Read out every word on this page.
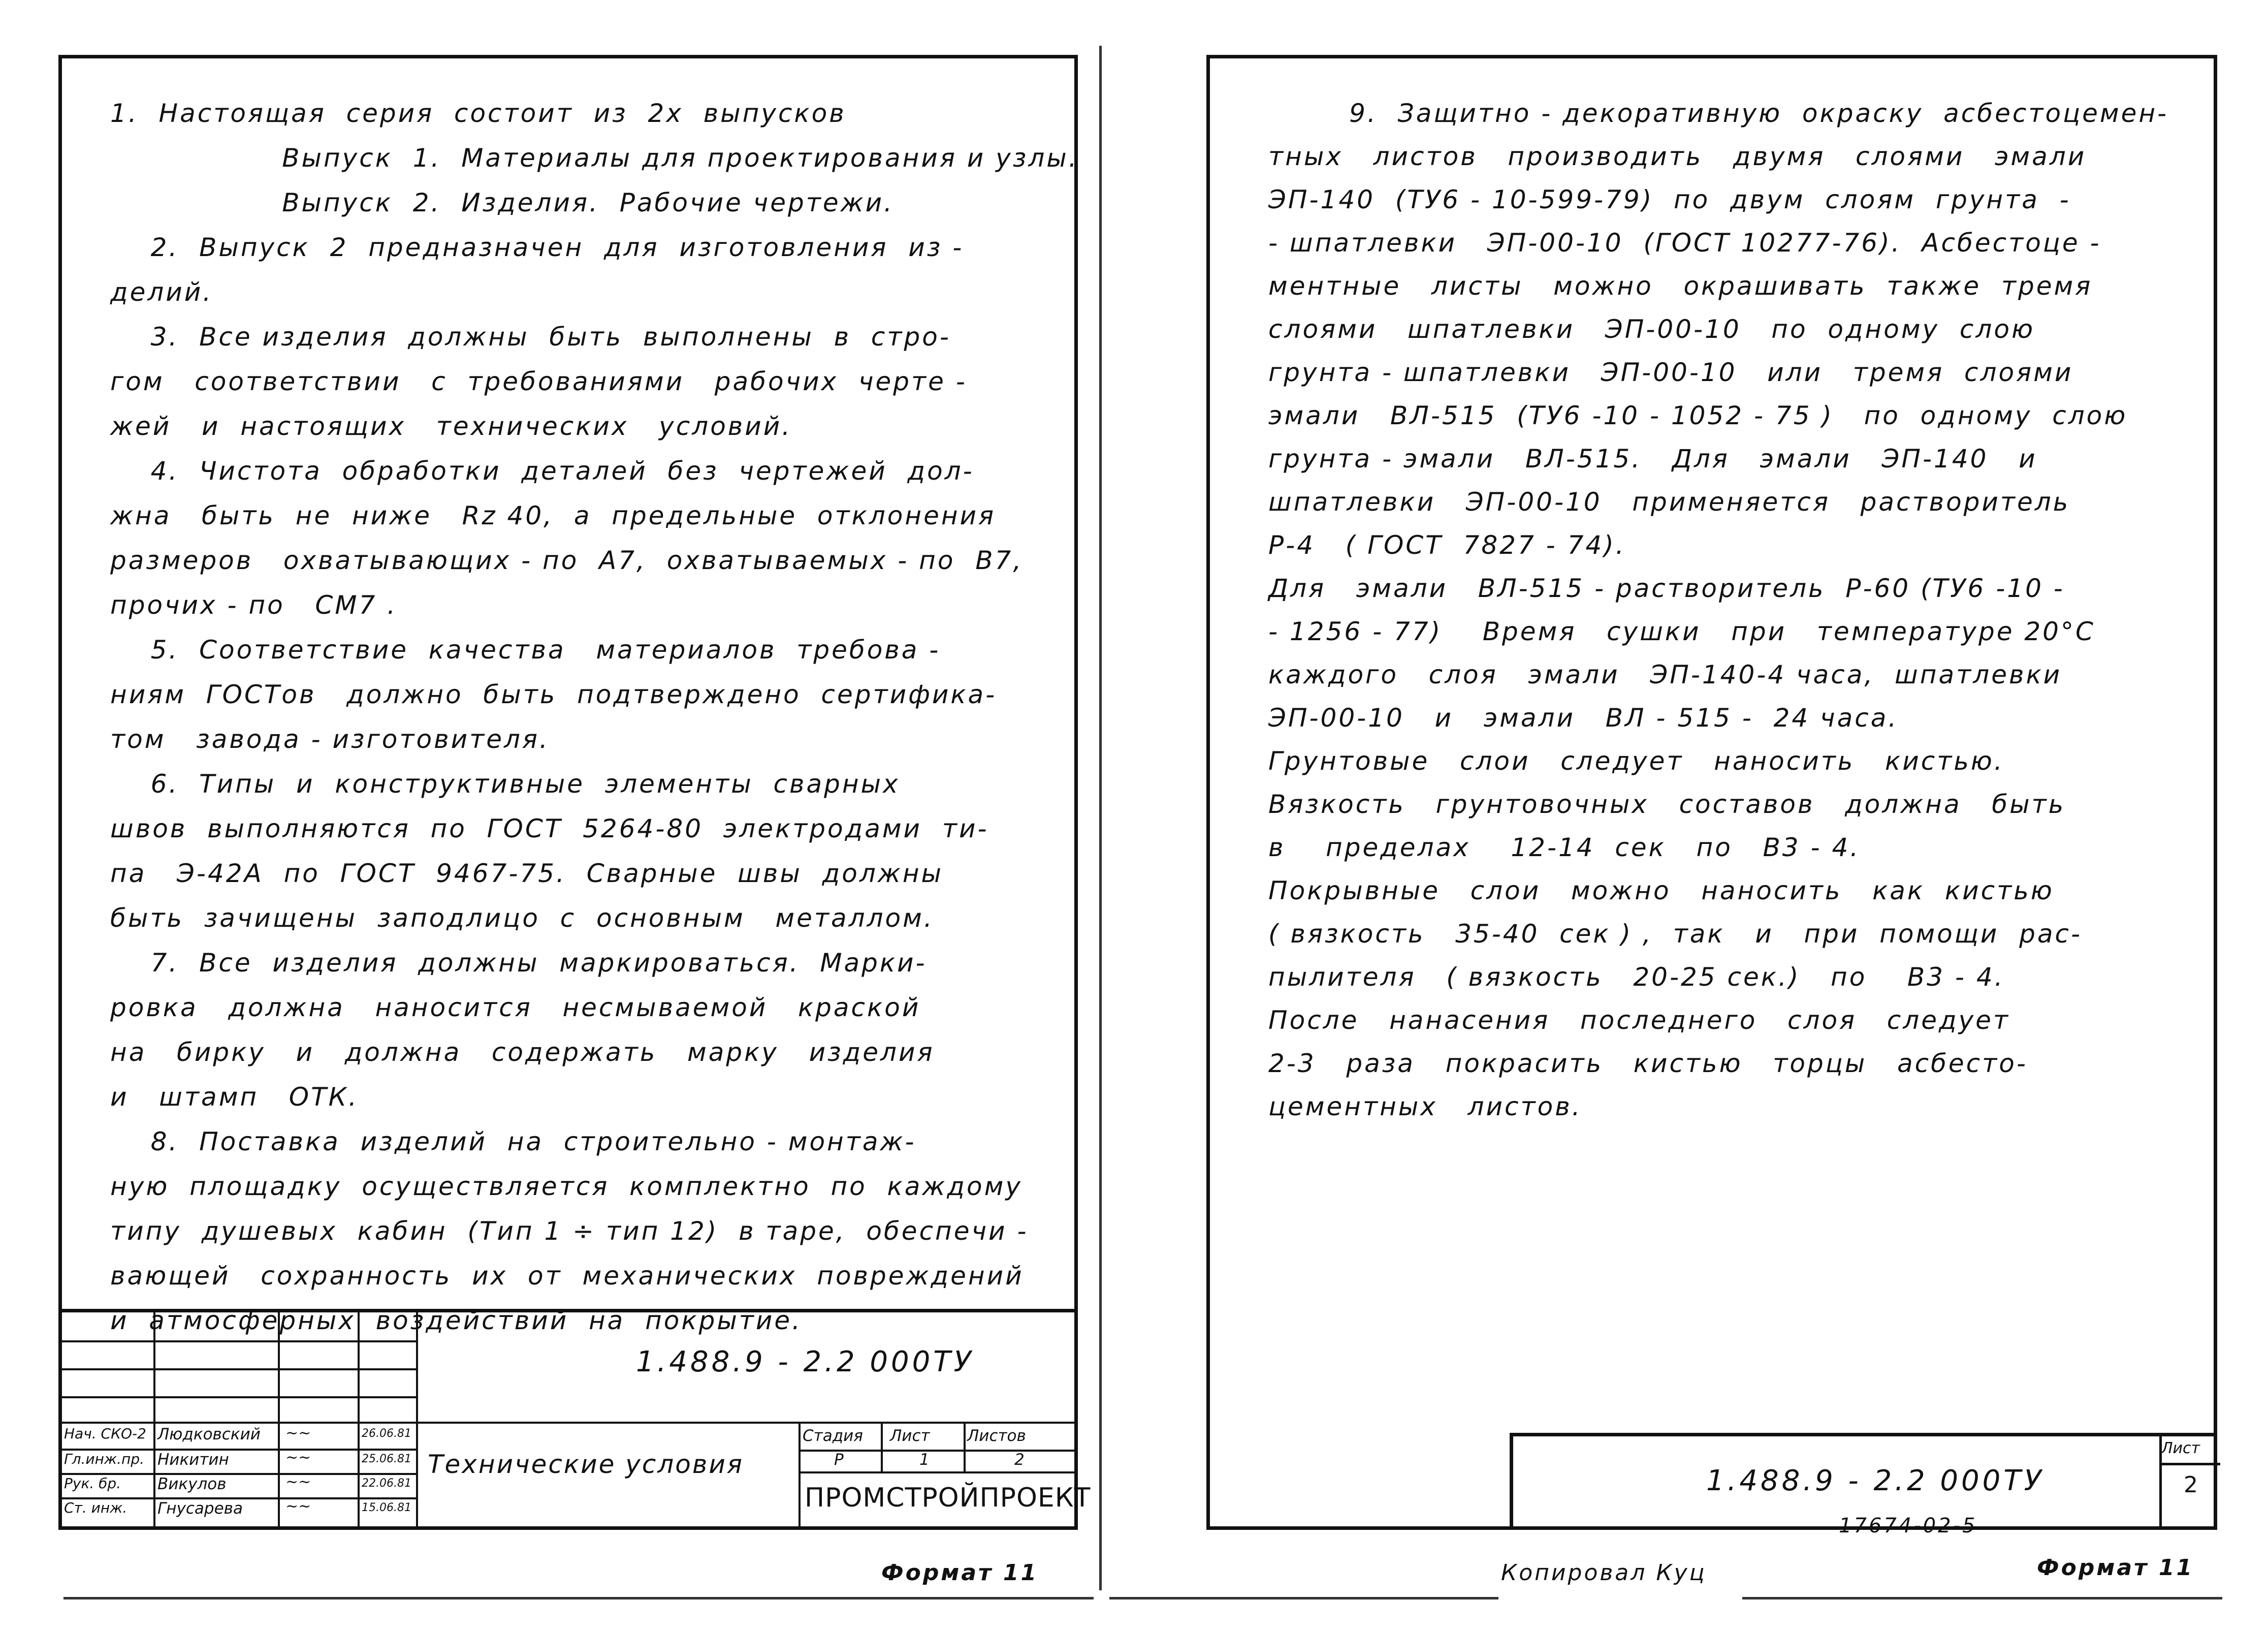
1.  Настоящая  серия  состоит  из  2х  выпусков
Выпуск  1.  Материалы для проектирования и узлы.
Выпуск  2.  Изделия.  Рабочие чертежи.
2.  Выпуск  2  предназначен  для  изготовления  из -
делий.
3.  Все изделия  должны  быть  выполнены  в  стро-
гом   соответствии   с  требованиями   рабочих  черте -
жей   и  настоящих   технических   условий.
4.  Чистота  обработки  деталей  без  чертежей  дол-
жна   быть  не  ниже   Rz 40,  а  предельные  отклонения
размеров   охватывающих - по  А7,  охватываемых - по  В7,
прочих - по   СМ7 .
5.  Соответствие  качества   материалов  требова -
ниям  ГОСТов   должно  быть  подтверждено  сертифика-
том   завода - изготовителя.
6.  Типы  и  конструктивные  элементы  сварных
швов  выполняются  по  ГОСТ  5264-80  электродами  ти-
па   Э-42А  по  ГОСТ  9467-75.  Сварные  швы  должны
быть  зачищены  заподлицо  с  основным   металлом.
7.  Все  изделия  должны  маркироваться.  Марки-
ровка   должна   наносится   несмываемой   краской
на   бирку   и   должна   содержать   марку   изделия
и   штамп   ОТК.
8.  Поставка  изделий  на  строительно - монтаж-
ную  площадку  осуществляется  комплектно  по  каждому
типу  душевых  кабин  (Тип 1 ÷ тип 12)  в таре,  обеспечи -
вающей   сохранность  их  от  механических  повреждений
и  атмосферных  воздействий  на  покрытие.
1.488.9 - 2.2 000ТУ
Технические условия
Стадия Лист Листов
Р	1	2
ПРОМСТРОЙПРОЕКТ
Нач. СКО-2 Людковский ~~	26.06.81
Гл.инж.пр. Никитин	~~	25.06.81
Рук. бр. Викулов	~~	22.06.81
Ст. инж. Гнусарева	~~	15.06.81
Формат 11
9.  Защитно - декоративную  окраску  асбестоцемен-
тных   листов   производить   двумя   слоями   эмали
ЭП-140  (ТУ6 - 10-599-79)  по  двум  слоям  грунта  -
- шпатлевки   ЭП-00-10  (ГОСТ 10277-76).  Асбестоце -
ментные   листы   можно   окрашивать  также  тремя
слоями   шпатлевки   ЭП-00-10   по  одному  слою
грунта - шпатлевки   ЭП-00-10   или   тремя  слоями
эмали   ВЛ-515  (ТУ6 -10 - 1052 - 75 )   по  одному  слою
грунта - эмали   ВЛ-515.   Для   эмали   ЭП-140   и
шпатлевки   ЭП-00-10   применяется   растворитель
Р-4   ( ГОСТ  7827 - 74).
Для   эмали   ВЛ-515 - растворитель  Р-60 (ТУ6 -10 -
- 1256 - 77)    Время   сушки   при   температуре 20°С
каждого   слоя   эмали   ЭП-140-4 часа,  шпатлевки
ЭП-00-10   и   эмали   ВЛ - 515 -  24 часа.
Грунтовые   слои   следует   наносить   кистью.
Вязкость   грунтовочных   составов   должна   быть
в    пределах    12-14  сек   по   В3 - 4.
Покрывные   слои   можно   наносить   как  кистью
( вязкость   35-40  сек ) ,  так   и   при  помощи  рас-
пылителя   ( вязкость   20-25 сек.)   по    В3 - 4.
После   нанасения   последнего   слоя   следует
2-3   раза   покрасить   кистью   торцы   асбесто-
цементных   листов.
1.488.9 - 2.2 000ТУ
Лист
2
17674-02-5
Копировал Куц	Формат 11
